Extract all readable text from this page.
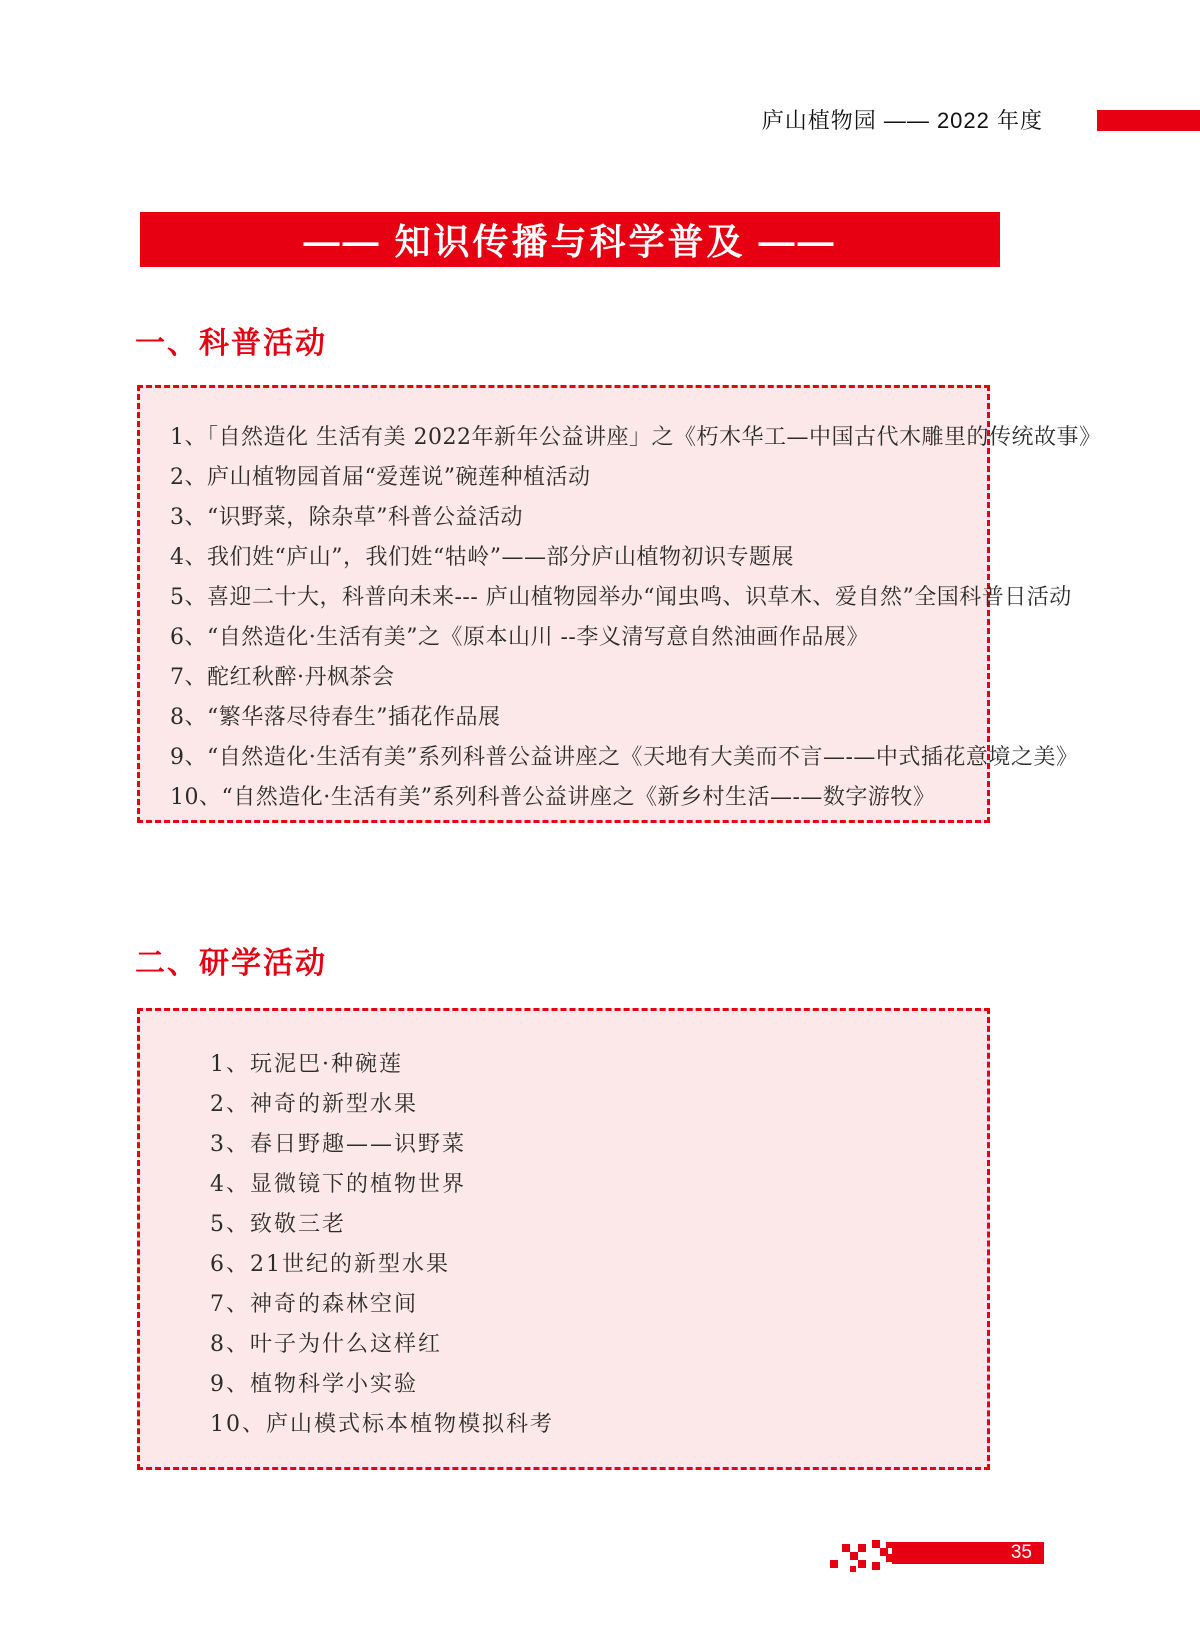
庐山植物园 —— 2022 年度
—— 知识传播与科学普及 ——
一、科普活动
1、「自然造化 生活有美 2022年新年公益讲座」之《朽木华工—中国古代木雕里的传统故事》
2、庐山植物园首届“爱莲说”碗莲种植活动
3、“识野菜，除杂草”科普公益活动
4、我们姓“庐山”，我们姓“牯岭”——部分庐山植物初识专题展
5、喜迎二十大，科普向未来--- 庐山植物园举办“闻虫鸣、识草木、爱自然”全国科普日活动
6、“自然造化·生活有美”之《原本山川 --李义清写意自然油画作品展》
7、酡红秋醉·丹枫茶会
8、“繁华落尽待春生”插花作品展
9、“自然造化·生活有美”系列科普公益讲座之《天地有大美而不言—-—中式插花意境之美》
10、“自然造化·生活有美”系列科普公益讲座之《新乡村生活—-—数字游牧》
二、研学活动
1、玩泥巴·种碗莲
2、神奇的新型水果
3、春日野趣——识野菜
4、显微镜下的植物世界
5、致敬三老
6、21世纪的新型水果
7、神奇的森林空间
8、叶子为什么这样红
9、植物科学小实验
10、庐山模式标本植物模拟科考
35
